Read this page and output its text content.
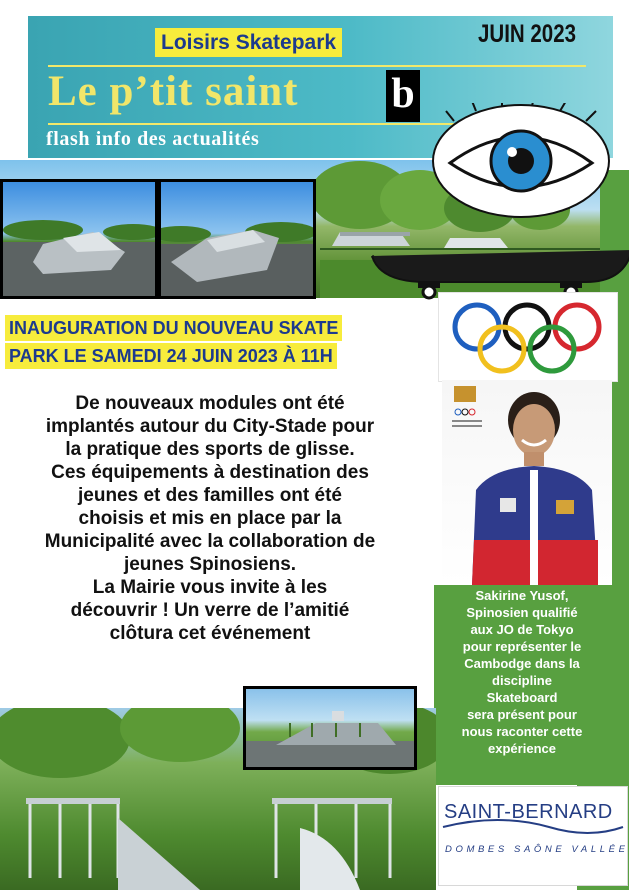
Loisirs Skatepark	JUIN 2023
Le p’tit saint b
flash info des actualités
INAUGURATION DU NOUVEAU SKATE
PARK LE SAMEDI 24 JUIN 2023 À 11H
Sakirine Yusof,
Spinosien qualifié
aux JO de Tokyo
pour représenter le
Cambodge dans la
discipline
Skateboard
sera présent pour
nous raconter cette
expérience
De nouveaux modules ont été
implantés autour du City-Stade pour
la pratique des sports de glisse.
Ces équipements à destination des
jeunes et des familles ont été
choisis et mis en place par la
Municipalité avec la collaboration de
jeunes Spinosiens.
La Mairie vous invite à les
découvrir ! Un verre de l’amitié
clôtura cet événement
SAINT-BERNARD
DOMBES SAÔNE VALLÉE
